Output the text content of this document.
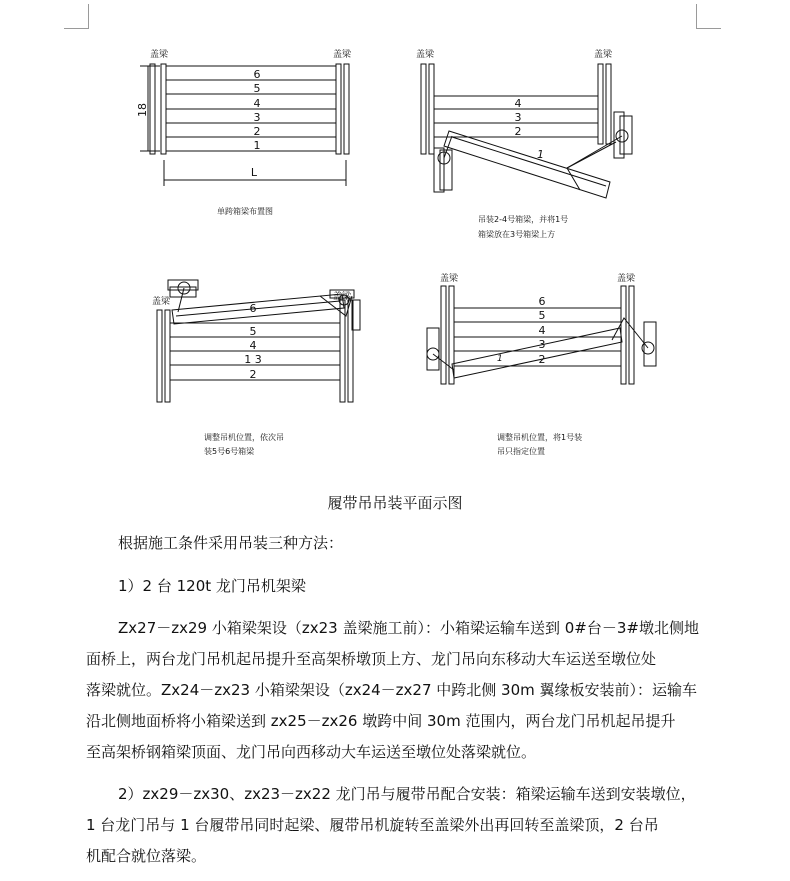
盖梁	盖梁
6
5
4
3
2
1
18
L
单跨箱梁布置图
盖梁	盖梁
4
3
2
1
吊装2-4号箱梁，并将1号
箱梁放在3号箱梁上方
盖梁	盖梁
6
5
4
1 3
2
调整吊机位置，依次吊
装5号6号箱梁
盖梁	盖梁
6
5
4
3
2
1
调整吊机位置，将1号装
吊只指定位置
履带吊吊装平面示图
根据施工条件采用吊装三种方法：
1）2 台 120t 龙门吊机架梁
Zx27－zx29 小箱梁架设（zx23 盖梁施工前）：小箱梁运输车送到 0#台－3#墩北侧地
面桥上，两台龙门吊机起吊提升至高架桥墩顶上方、龙门吊向东移动大车运送至墩位处
落梁就位。Zx24－zx23 小箱梁架设（zx24－zx27 中跨北侧 30m 翼缘板安装前）：运输车
沿北侧地面桥将小箱梁送到 zx25－zx26 墩跨中间 30m 范围内，两台龙门吊机起吊提升
至高架桥钢箱梁顶面、龙门吊向西移动大车运送至墩位处落梁就位。
2）zx29－zx30、zx23－zx22 龙门吊与履带吊配合安装：箱梁运输车送到安装墩位，
1 台龙门吊与 1 台履带吊同时起梁、履带吊机旋转至盖梁外出再回转至盖梁顶，2 台吊
机配合就位落梁。
